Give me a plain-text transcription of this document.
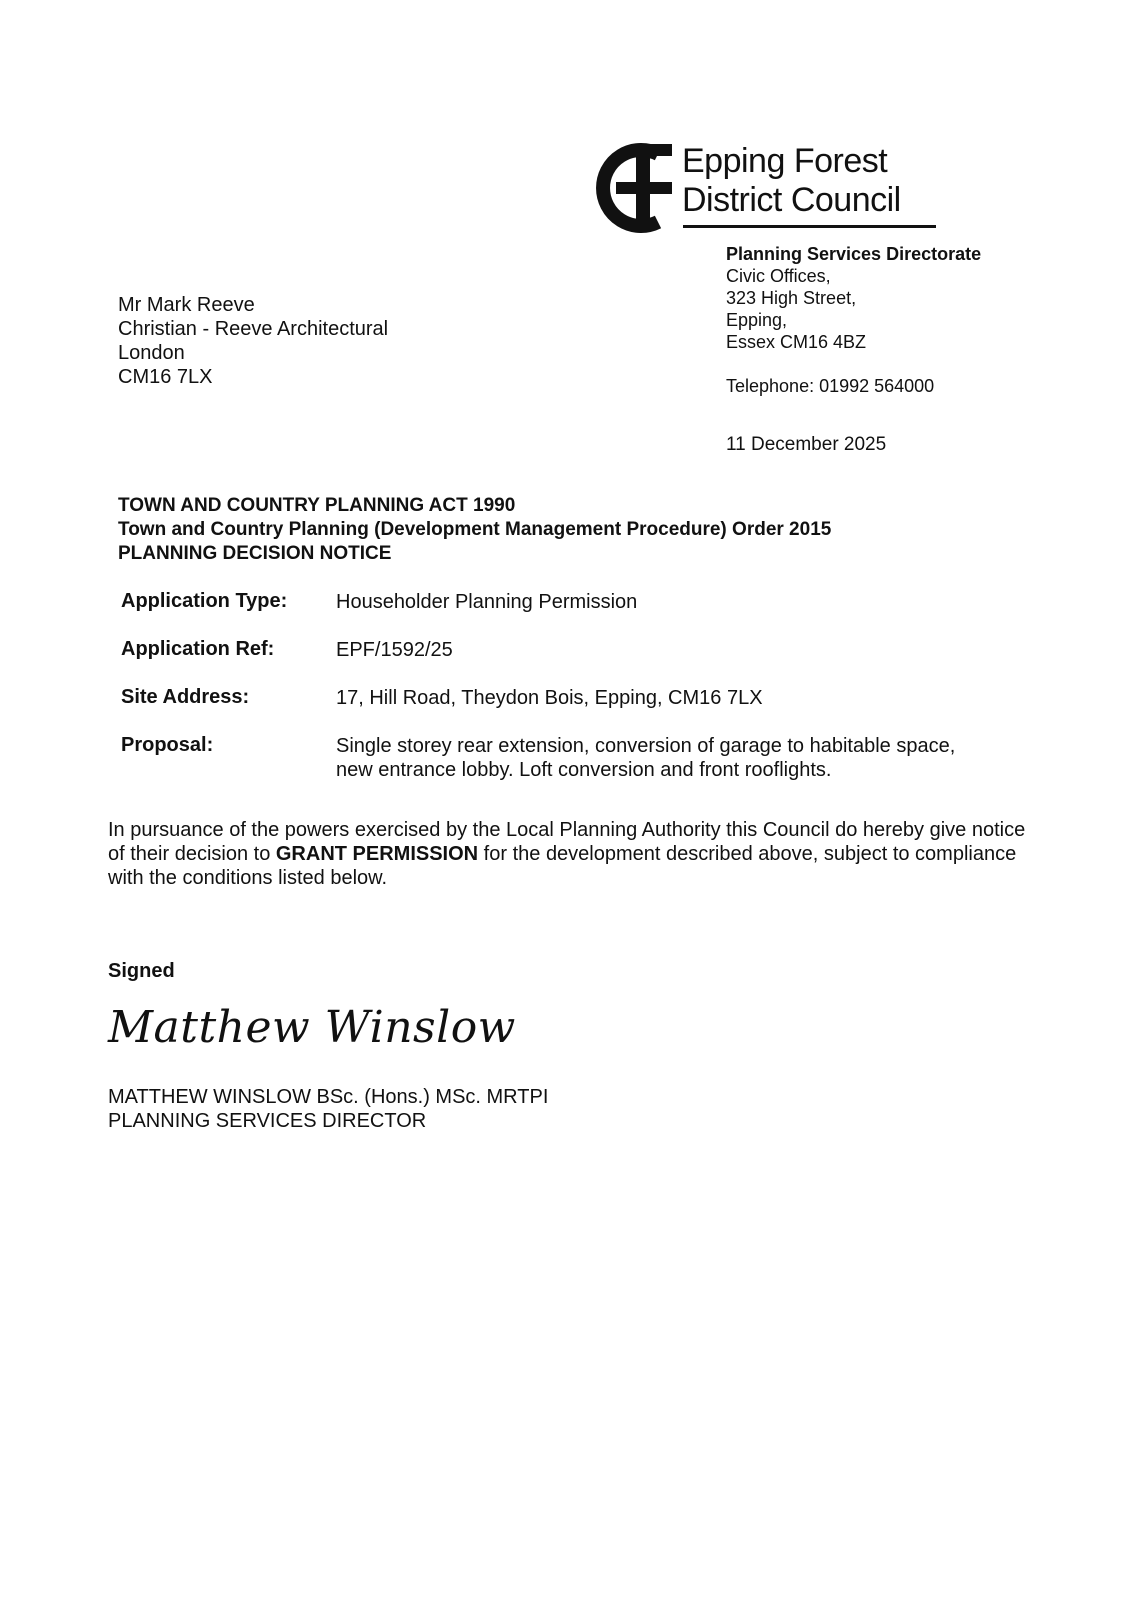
Epping Forest
District Council
Planning Services Directorate
Civic Offices,
323 High Street,
Epping,
Essex CM16 4BZ
Telephone: 01992 564000
11 December 2025
Mr Mark Reeve
Christian - Reeve Architectural
London
CM16 7LX
TOWN AND COUNTRY PLANNING ACT 1990
Town and Country Planning (Development Management Procedure) Order 2015
PLANNING DECISION NOTICE
Application Type: Householder Planning Permission
Application Ref:	EPF/1592/25
Site Address:	17, Hill Road, Theydon Bois, Epping, CM16 7LX
Proposal:	Single storey rear extension, conversion of garage to habitable space,
new entrance lobby. Loft conversion and front rooflights.
In pursuance of the powers exercised by the Local Planning Authority this Council do hereby give notice of their decision to GRANT PERMISSION for the development described above, subject to compliance with the conditions listed below.
Signed
Matthew Winslow
MATTHEW WINSLOW BSc. (Hons.) MSc. MRTPI
PLANNING SERVICES DIRECTOR
